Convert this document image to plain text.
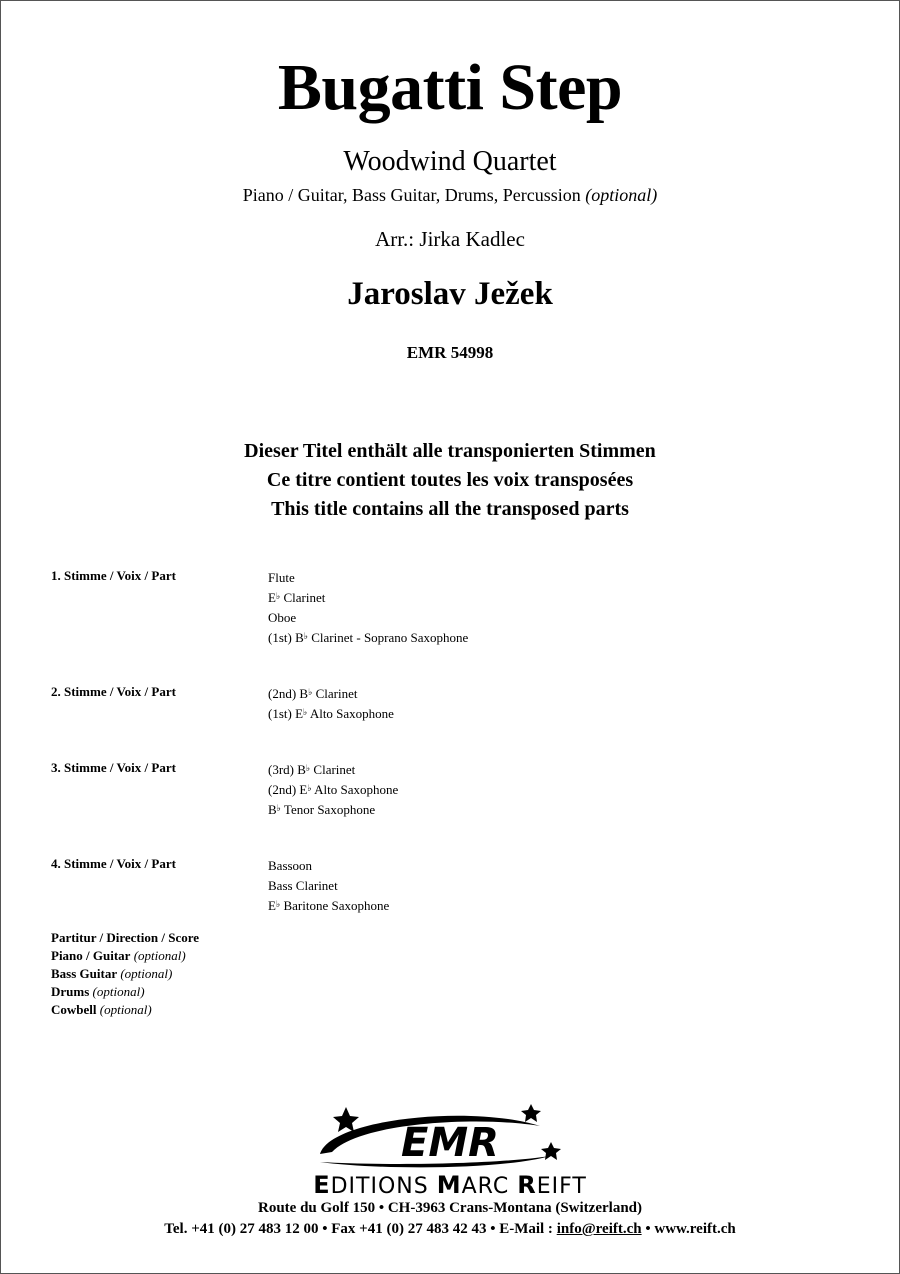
Bugatti Step
Woodwind Quartet
Piano / Guitar, Bass Guitar, Drums, Percussion (optional)
Arr.: Jirka Kadlec
Jaroslav Ježek
EMR 54998
Dieser Titel enthält alle transponierten Stimmen
Ce titre contient toutes les voix transposées
This title contains all the transposed parts
1. Stimme / Voix / Part	Flute
E♭ Clarinet
Oboe
(1st) B♭ Clarinet - Soprano Saxophone
2. Stimme / Voix / Part	(2nd) B♭ Clarinet
(1st) E♭ Alto Saxophone
3. Stimme / Voix / Part	(3rd) B♭ Clarinet
(2nd) E♭ Alto Saxophone
B♭ Tenor Saxophone
4. Stimme / Voix / Part	Bassoon
Bass Clarinet
E♭ Baritone Saxophone
Partitur / Direction / Score
Piano / Guitar (optional)
Bass Guitar (optional)
Drums (optional)
Cowbell (optional)
EMR
EDITIONS MARC REIFT
Route du Golf 150 • CH-3963 Crans-Montana (Switzerland)
Tel. +41 (0) 27 483 12 00 • Fax +41 (0) 27 483 42 43 • E-Mail : info@reift.ch • www.reift.ch
